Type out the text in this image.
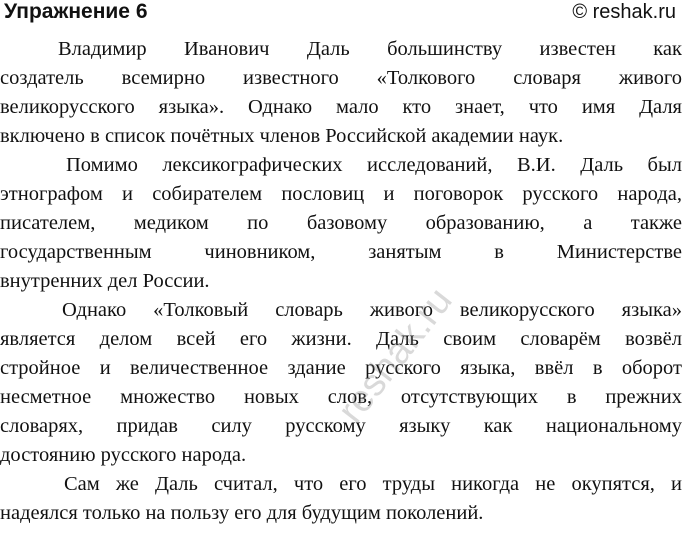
Упражнение 6	© reshak.ru
Владимир Иванович Даль большинству известен как
создатель всемирно известного «Толкового словаря живого
великорусского языка». Однако мало кто знает, что имя Даля
включено в список почётных членов Российской академии наук.
Помимо лексикографических исследований, В.И. Даль был
этнографом и собирателем пословиц и поговорок русского народа,
писателем, медиком по базовому образованию, а также
государственным чиновником, занятым в Министерстве
внутренних дел России.
Однако «Толковый словарь живого великорусского языка»
является делом всей его жизни. Даль своим словарём возвёл
стройное и величественное здание русского языка, ввёл в оборот
несметное множество новых слов, отсутствующих в прежних
словарях, придав силу русскому языку как национальному
достоянию русского народа.
Сам же Даль считал, что его труды никогда не окупятся, и
надеялся только на пользу его для будущим поколений.
reshak.ru
